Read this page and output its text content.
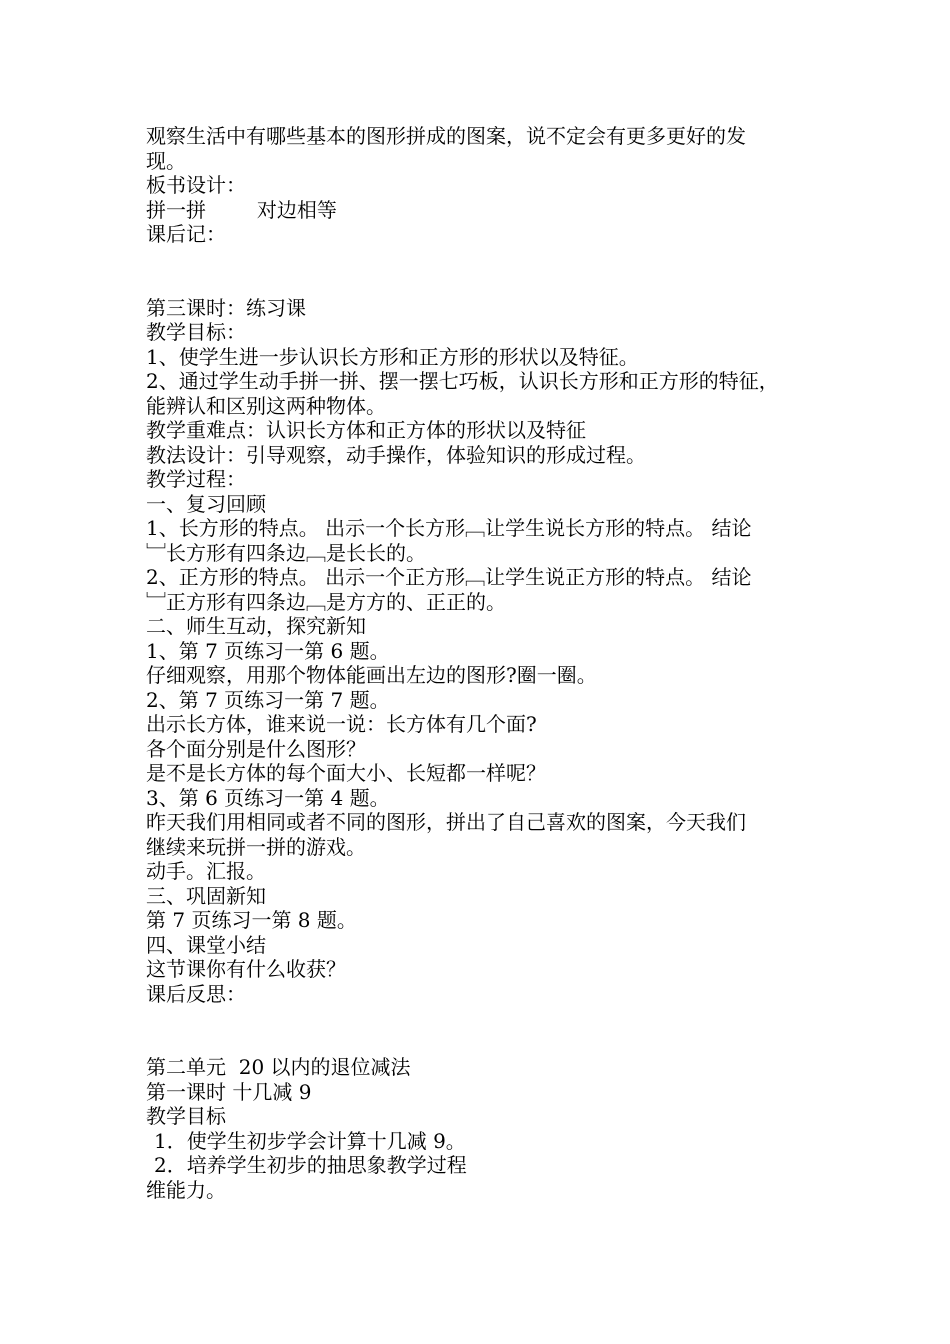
观察生活中有哪些基本的图形拼成的图案，说不定会有更多更好的发
现。
板书设计：
拼一拼        对边相等
课后记：
第三课时：练习课
教学目标：
1、使学生进一步认识长方形和正方形的形状以及特征。
2、通过学生动手拼一拼、摆一摆七巧板，认识长方形和正方形的特征，
能辨认和区别这两种物体。
教学重难点：认识长方体和正方体的形状以及特征
教法设计：引导观察，动手操作，体验知识的形成过程。
教学过程：
一、复习回顾
1、长方形的特点。 出示一个长方形﹇让学生说长方形的特点。 结论
﹈长方形有四条边﹇是长长的。
2、正方形的特点。 出示一个正方形﹇让学生说正方形的特点。 结论
﹈正方形有四条边﹇是方方的、正正的。
二、师生互动，探究新知
1、第 7 页练习一第 6 题。
仔细观察，用那个物体能画出左边的图形?圈一圈。
2、第 7 页练习一第 7 题。
出示长方体，谁来说一说：长方体有几个面?
各个面分别是什么图形？
是不是长方体的每个面大小、长短都一样呢？
3、第 6 页练习一第 4 题。
昨天我们用相同或者不同的图形，拼出了自己喜欢的图案，今天我们
继续来玩拼一拼的游戏。
动手。汇报。
三、巩固新知
第 7 页练习一第 8 题。
四、课堂小结
这节课你有什么收获？
课后反思：
第二单元  20 以内的退位减法
第一课时 十几减 9
教学目标
1．使学生初步学会计算十几减 9。
2．培养学生初步的抽思象教学过程
维能力。
